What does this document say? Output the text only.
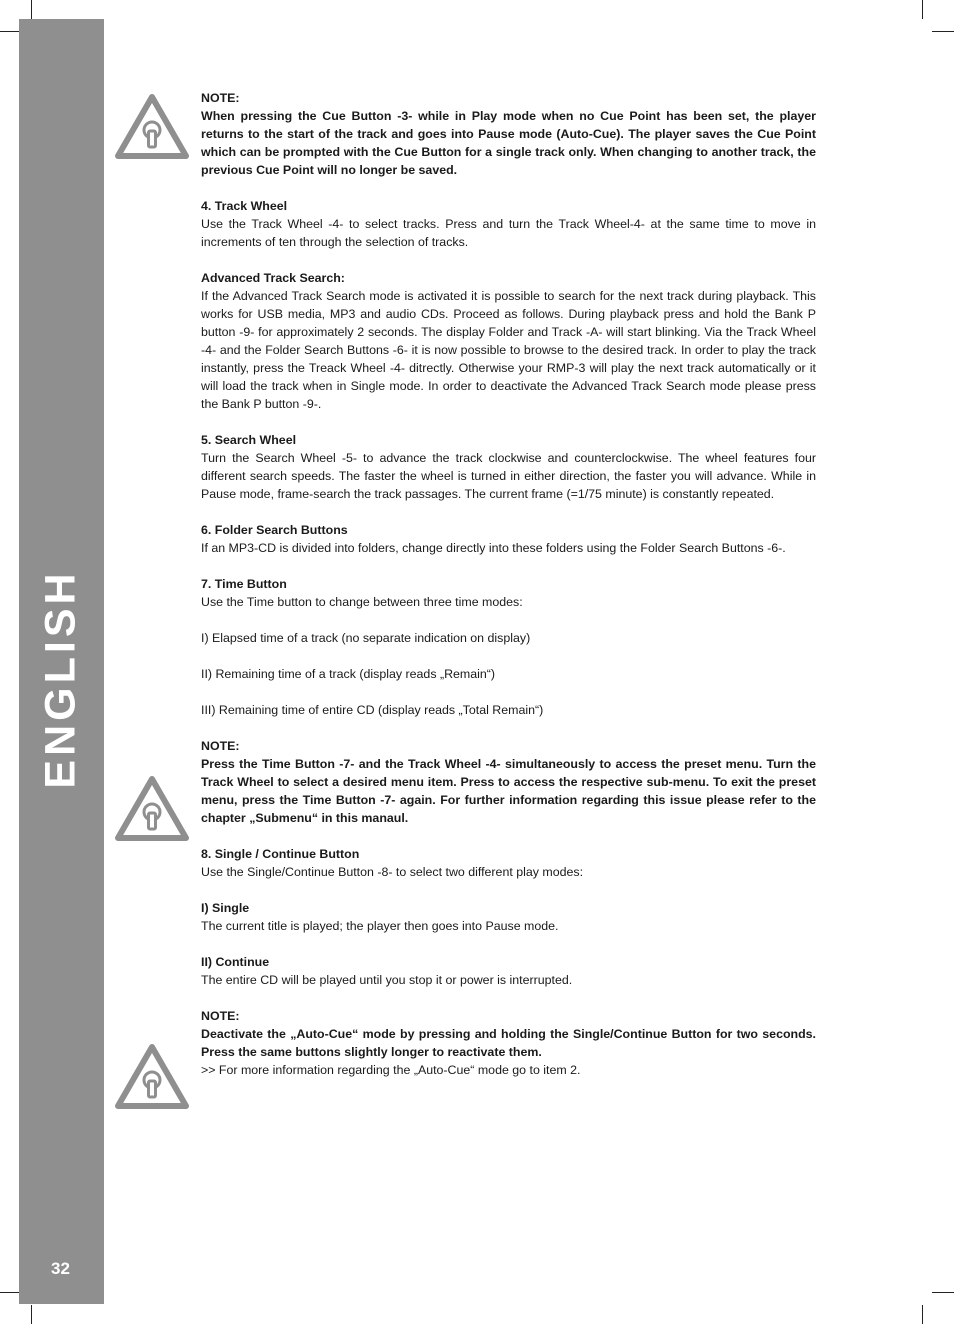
ENGLISH
32

NOTE:
When pressing the Cue Button -3- while in Play mode when no Cue Point has been set, the player returns to the start of the track and goes into Pause mode (Auto-Cue). The player saves the Cue Point which can be prompted with the Cue Button for a single track only. When changing to another track, the previous Cue Point will no longer be saved.

4. Track Wheel
Use the Track Wheel -4- to select tracks. Press and turn the Track Wheel-4- at the same time to move in increments of ten through the selection of tracks.

Advanced Track Search:
If the Advanced Track Search mode is activated it is possible to search for the next track during playback. This works for USB media, MP3 and audio CDs. Proceed as follows. During playback press and hold the Bank P button -9- for approximately 2 seconds. The display Folder and Track -A- will start blinking. Via the Track Wheel -4- and the Folder Search Buttons -6- it is now possible to browse to the desired track. In order to play the track instantly, press the Treack Wheel -4- ditrectly. Otherwise your RMP-3 will play the next track automatically or it will load the track when in Single mode. In order to deactivate the Advanced Track Search mode please press the Bank P button -9-.

5. Search Wheel
Turn the Search Wheel -5- to advance the track clockwise and counterclockwise. The wheel features four different search speeds. The faster the wheel is turned in either direction, the faster you will advance. While in Pause mode, frame-search the track passages. The current frame (=1/75 minute) is constantly repeated.

6. Folder Search Buttons
If an MP3-CD is divided into folders, change directly into these folders using the Folder Search Buttons -6-.

7. Time Button
Use the Time button to change between three time modes:

I) Elapsed time of a track (no separate indication on display)

II) Remaining time of a track (display reads „Remain“)

III) Remaining time of entire CD (display reads „Total Remain“)

NOTE:
Press the Time Button -7- and the Track Wheel -4- simultaneously to access the preset menu. Turn the Track Wheel to select a desired menu item. Press to access the respective sub-menu. To exit the preset menu, press the Time Button -7- again. For further information regarding this issue please refer to the chapter „Submenu“ in this manaul.

8. Single / Continue Button
Use the Single/Continue Button -8- to select two different play modes:

I) Single
The current title is played; the player then goes into Pause mode.

II) Continue
The entire CD will be played until you stop it or power is interrupted.

NOTE:
Deactivate the „Auto-Cue“ mode by pressing and holding the Single/Continue Button for two seconds. Press the same buttons slightly longer to reactivate them.
>> For more information regarding the „Auto-Cue“ mode go to item 2.
